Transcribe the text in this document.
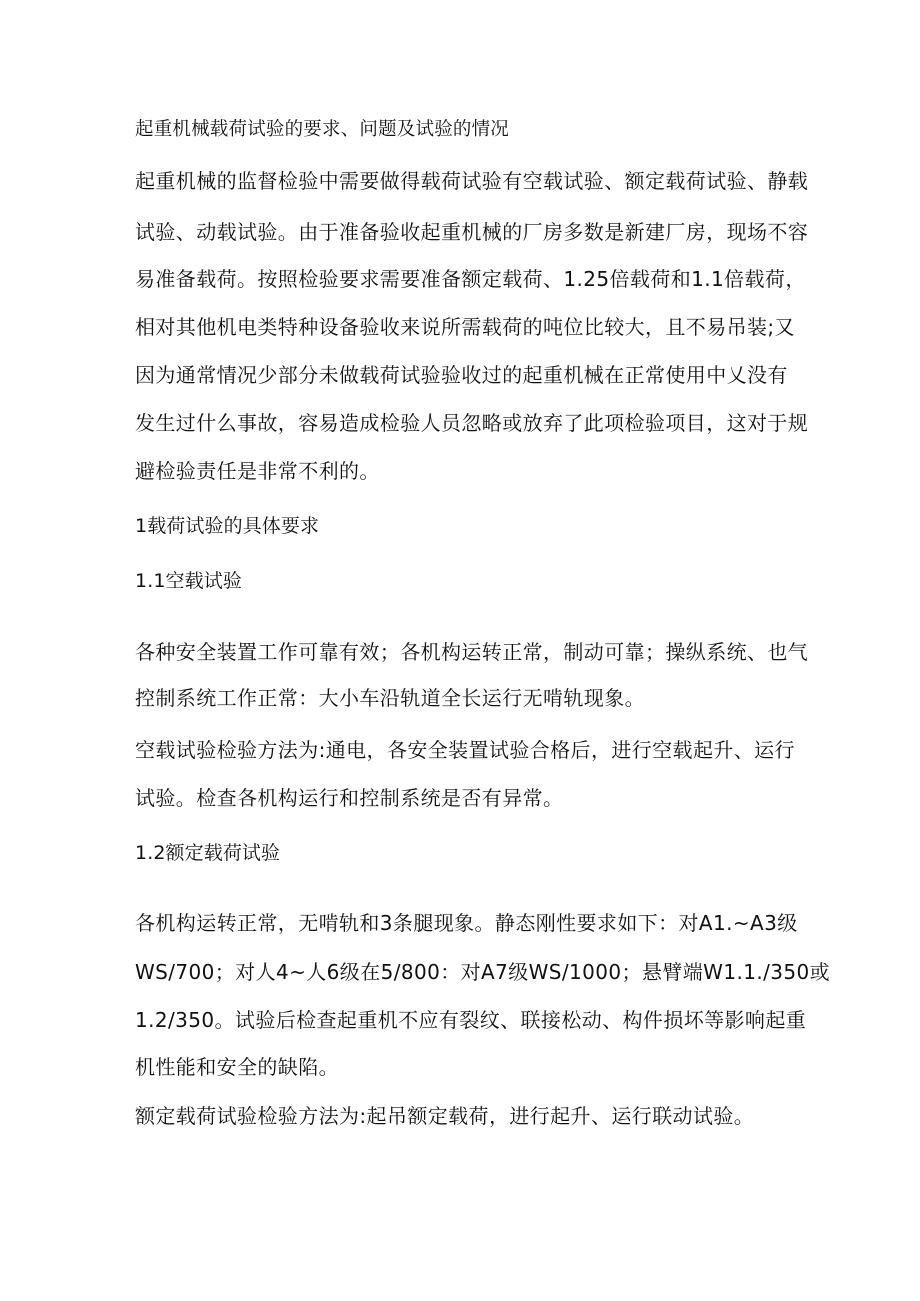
起重机械载荷试验的要求、问题及试验的情况
起重机械的监督检验中需要做得载荷试验有空载试验、额定载荷试验、静载
试验、动载试验。由于准备验收起重机械的厂房多数是新建厂房，现场不容
易准备载荷。按照检验要求需要准备额定载荷、1.25倍载荷和1.1倍载荷，
相对其他机电类特种设备验收来说所需载荷的吨位比较大，且不易吊装;又
因为通常情况少部分未做载荷试验验收过的起重机械在正常使用中乂没有
发生过什么事故，容易造成检验人员忽略或放弃了此项检验项目，这对于规
避检验责任是非常不利的。
1载荷试验的具体要求
1.1空载试验
各种安全装置工作可靠有效；各机构运转正常，制动可靠；操纵系统、也气
控制系统工作正常：大小车沿轨道全长运行无啃轨现象。
空载试验检验方法为:通电，各安全装置试验合格后，进行空载起升、运行
试验。检查各机构运行和控制系统是否有异常。
1.2额定载荷试验
各机构运转正常，无啃轨和3条腿现象。静态刚性要求如下：对A1.~A3级
WS/700；对人4~人6级在5/800：对A7级WS/1000；悬臂端W1.1./350或
1.2/350。试验后检查起重机不应有裂纹、联接松动、构件损坏等影响起重
机性能和安全的缺陷。
额定载荷试验检验方法为:起吊额定载荷，进行起升、运行联动试验。
